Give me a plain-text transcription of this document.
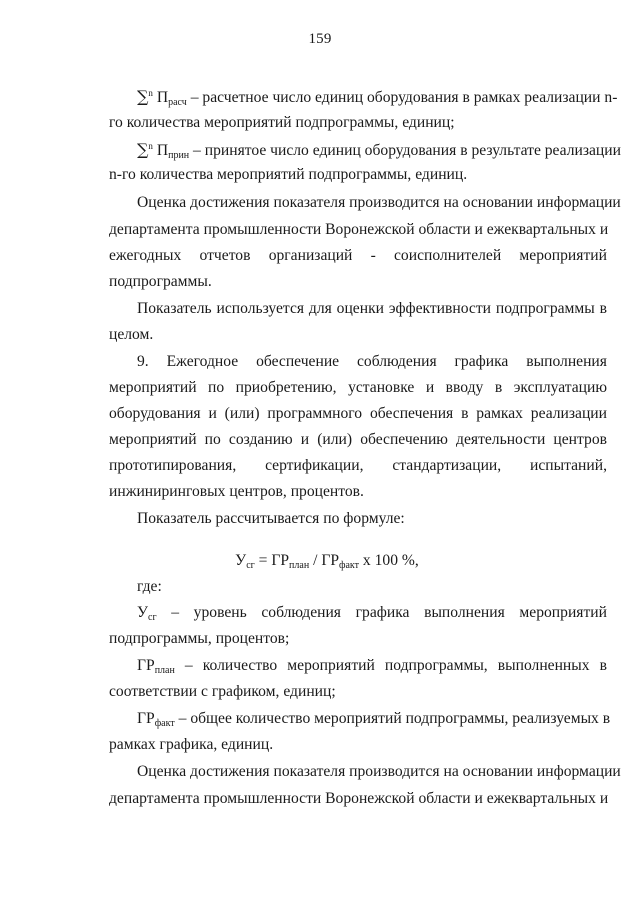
159
∑$^n$ $П_{расч}$ – расчетное число единиц оборудования в рамках реализации n-
го количества мероприятий подпрограммы, единиц;
∑$^n$ $П_{прин}$ – принятое число единиц оборудования в результате реализации
n-го количества мероприятий подпрограммы, единиц.
Оценка достижения показателя производится на основании информации
департамента промышленности Воронежской области и ежеквартальных и
ежегодных отчетов организаций - соисполнителей мероприятий
подпрограммы.
Показатель используется для оценки эффективности подпрограммы в
целом.
9. Ежегодное обеспечение соблюдения графика выполнения
мероприятий по приобретению, установке и вводу в эксплуатацию
оборудования и (или) программного обеспечения в рамках реализации
мероприятий по созданию и (или) обеспечению деятельности центров
прототипирования, сертификации, стандартизации, испытаний,
инжиниринговых центров, процентов.
Показатель рассчитывается по формуле:
$У_{сг} = ГР_{план} / ГР_{факт}$ х 100 %,
где:
$У_{сг}$ – уровень соблюдения графика выполнения мероприятий
подпрограммы, процентов;
$ГР_{план}$ – количество мероприятий подпрограммы, выполненных в
соответствии с графиком, единиц;
$ГР_{факт}$ – общее количество мероприятий подпрограммы, реализуемых в
рамках графика, единиц.
Оценка достижения показателя производится на основании информации
департамента промышленности Воронежской области и ежеквартальных и
